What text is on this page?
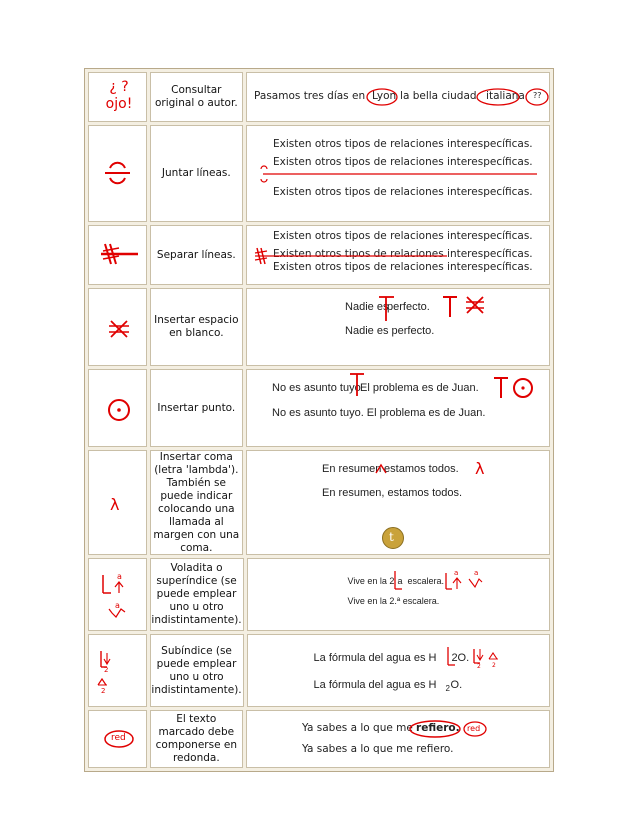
¿ ?
ojo!
Consultar original o autor.
Pasamos tres días en Lyon la bella ciudad italiana ??
Juntar líneas.
Existen otros tipos de relaciones interespecíficas.
Existen otros tipos de relaciones interespecíficas.
Existen otros tipos de relaciones interespecíficas.
Separar líneas.
Existen otros tipos de relaciones interespecíficas.
Existen otros tipos de relaciones interespecíficas.
Existen otros tipos de relaciones interespecíficas.
Insertar espacio en blanco.
Nadie es
perfecto.
Nadie es perfecto.
Insertar punto.
No es asunto tuyo El problema es de Juan.
No es asunto tuyo. El problema es de Juan.
λ
Insertar coma (letra 'lambda'). También se puede indicar colocando una llamada al margen con una coma.
En resumen estamos todos. λ
En resumen, estamos todos.
t
a
a
Voladita o superíndice (se puede emplear uno u otro indistintamente).
Vive en la 2 a escalera.
Vive en la 2.ª escalera.
a a
2
2
Subíndice (se puede emplear uno u otro indistintamente).
La fórmula del agua es H 2 O.
La fórmula del agua es H 2 O.
2 2
red
El texto marcado debe componerse en redonda.
Ya sabes a lo que me refiero. red
Ya sabes a lo que me refiero.
